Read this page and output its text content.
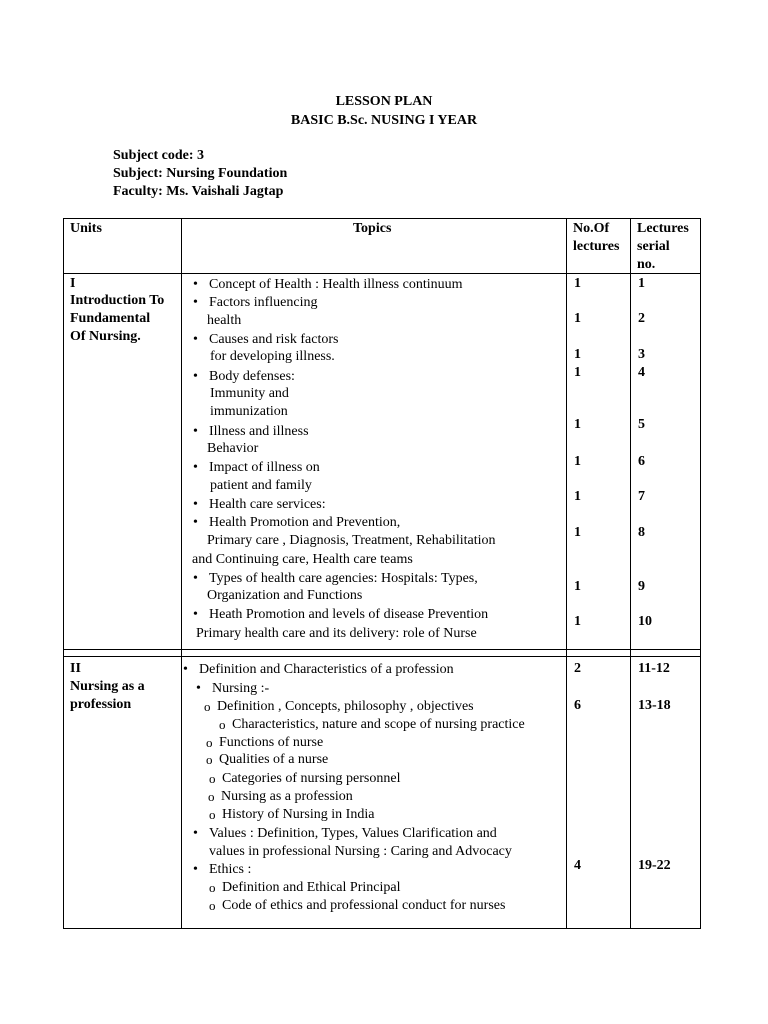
LESSON PLAN
BASIC B.Sc. NUSING I YEAR
Subject code: 3
Subject: Nursing Foundation
Faculty: Ms. Vaishali Jagtap
Units	Topics	No.Of
lectures
Lectures
serial
no.
I
Introduction To
Fundamental
Of Nursing.
• Concept of Health : Health illness continuum
• Factors influencing
health
• Causes and risk factors
for developing illness.
• Body defenses:
Immunity and
immunization
• Illness and illness
Behavior
• Impact of illness on
patient and family
• Health care services:
• Health Promotion and Prevention,
Primary care , Diagnosis, Treatment, Rehabilitation
and Continuing care, Health care teams
• Types of health care agencies: Hospitals: Types,
Organization and Functions
• Heath Promotion and levels of disease Prevention
Primary health care and its delivery: role of Nurse
1
1
1
1
1
1
1
1
1
1
1
2
3
4
5
6
7
8
9
10
II
Nursing as a
profession
• Definition and Characteristics of a profession
• Nursing :-
o Definition , Concepts, philosophy , objectives
o Characteristics, nature and scope of nursing practice
o Functions of nurse
o Qualities of a nurse
o Categories of nursing personnel
o Nursing as a profession
o History of Nursing in India
• Values : Definition, Types, Values Clarification and
values in professional Nursing : Caring and Advocacy
• Ethics :
o Definition and Ethical Principal
o Code of ethics and professional conduct for nurses
2
6
4
11-12
13-18
19-22
